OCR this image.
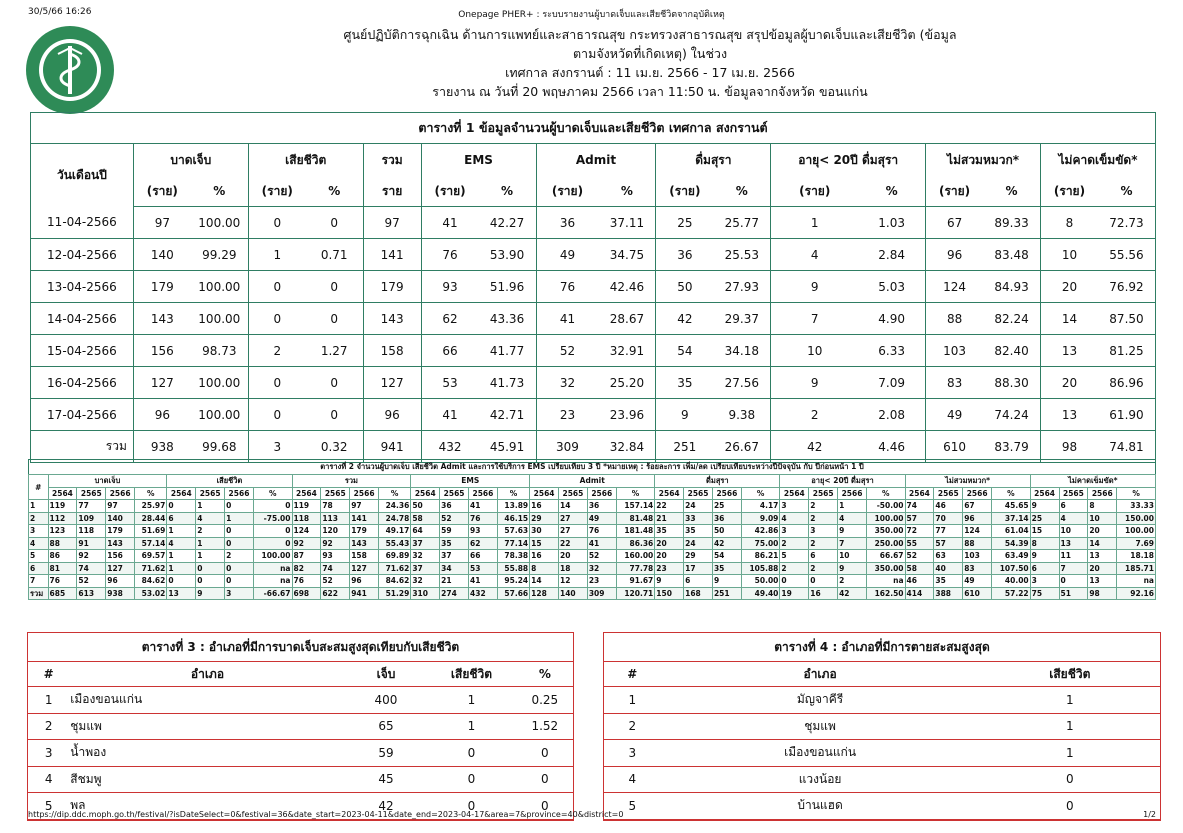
30/5/66 16:26	Onepage PHER+ : ระบบรายงานผู้บาดเจ็บและเสียชีวิตจากอุบัติเหตุ
ศูนย์ปฏิบัติการฉุกเฉิน ด้านการแพทย์และสาธารณสุข กระทรวงสาธารณสุข สรุปข้อมูลผู้บาดเจ็บและเสียชีวิต (ข้อมูล
ตามจังหวัดที่เกิดเหตุ) ในช่วง
เทศกาล สงกรานต์ : 11 เม.ย. 2566 - 17 เม.ย. 2566
รายงาน ณ วันที่ 20 พฤษภาคม 2566 เวลา 11:50 น. ข้อมูลจากจังหวัด ขอนแก่น
ตารางที่ 1 ข้อมูลจำนวนผู้บาดเจ็บและเสียชีวิต เทศกาล สงกรานต์
วันเดือนปี	บาดเจ็บ		เสียชีวิต		รวม	EMS		Admit		ดื่มสุรา		อายุ< 20ปี ดื่มสุรา		ไม่สวมหมวก*		ไม่คาดเข็มขัด*	
	(ราย)	%	(ราย)	%	ราย	(ราย)	%	(ราย)	%	(ราย)	%	(ราย)	%	(ราย)	%	(ราย)	%
11-04-2566	97	100.00	0	0	97	41	42.27	36	37.11	25	25.77	1	1.03	67	89.33	8	72.73
12-04-2566	140	99.29	1	0.71	141	76	53.90	49	34.75	36	25.53	4	2.84	96	83.48	10	55.56
13-04-2566	179	100.00	0	0	179	93	51.96	76	42.46	50	27.93	9	5.03	124	84.93	20	76.92
14-04-2566	143	100.00	0	0	143	62	43.36	41	28.67	42	29.37	7	4.90	88	82.24	14	87.50
15-04-2566	156	98.73	2	1.27	158	66	41.77	52	32.91	54	34.18	10	6.33	103	82.40	13	81.25
16-04-2566	127	100.00	0	0	127	53	41.73	32	25.20	35	27.56	9	7.09	83	88.30	20	86.96
17-04-2566	96	100.00	0	0	96	41	42.71	23	23.96	9	9.38	2	2.08	49	74.24	13	61.90
รวม	938	99.68	3	0.32	941	432	45.91	309	32.84	251	26.67	42	4.46	610	83.79	98	74.81
ตารางที่ 2 จำนวนผู้บาดเจ็บ เสียชีวิต Admit และการใช้บริการ EMS เปรียบเทียบ 3 ปี *หมายเหตุ : ร้อยละการ เพิ่ม/ลด เปรียบเทียบระหว่างปีปัจจุบัน กับ ปีก่อนหน้า 1 ปี
#	บาดเจ็บ				เสียชีวิต				รวม				EMS				Admit				ดื่มสุรา				อายุ< 20ปี ดื่มสุรา				ไม่สวมหมวก*				ไม่คาดเข็มขัด*			
	2564	2565	2566	%	2564	2565	2566	%	2564	2565	2566	%	2564	2565	2566	%	2564	2565	2566	%	2564	2565	2566	%	2564	2565	2566	%	2564	2565	2566	%	2564	2565	2566	%
1	119	77	97	25.97	0	1	0	0	119	78	97	24.36	50	36	41	13.89	16	14	36	157.14	22	24	25	4.17	3	2	1	-50.00	74	46	67	45.65	9	6	8	33.33
2	112	109	140	28.44	6	4	1	-75.00	118	113	141	24.78	58	52	76	46.15	29	27	49	81.48	21	33	36	9.09	4	2	4	100.00	57	70	96	37.14	25	4	10	150.00
3	123	118	179	51.69	1	2	0	0	124	120	179	49.17	64	59	93	57.63	30	27	76	181.48	35	35	50	42.86	3	3	9	350.00	72	77	124	61.04	15	10	20	100.00
4	88	91	143	57.14	4	1	0	0	92	92	143	55.43	37	35	62	77.14	15	22	41	86.36	20	24	42	75.00	2	2	7	250.00	55	57	88	54.39	8	13	14	7.69
5	86	92	156	69.57	1	1	2	100.00	87	93	158	69.89	32	37	66	78.38	16	20	52	160.00	20	29	54	86.21	5	6	10	66.67	52	63	103	63.49	9	11	13	18.18
6	81	74	127	71.62	1	0	0	na	82	74	127	71.62	37	34	53	55.88	8	18	32	77.78	23	17	35	105.88	2	2	9	350.00	58	40	83	107.50	6	7	20	185.71
7	76	52	96	84.62	0	0	0	na	76	52	96	84.62	32	21	41	95.24	14	12	23	91.67	9	6	9	50.00	0	0	2	na	46	35	49	40.00	3	0	13	na
รวม	685	613	938	53.02	13	9	3	-66.67	698	622	941	51.29	310	274	432	57.66	128	140	309	120.71	150	168	251	49.40	19	16	42	162.50	414	388	610	57.22	75	51	98	92.16
ตารางที่ 3 : อำเภอที่มีการบาดเจ็บสะสมสูงสุดเทียบกับเสียชีวิต
#	อำเภอ	เจ็บ	เสียชีวิต	%
1	เมืองขอนแก่น	400	1	0.25
2	ชุมแพ	65	1	1.52
3	น้ำพอง	59	0	0
4	สีชมพู	45	0	0
5	พล	42	0	0
ตารางที่ 4 : อำเภอที่มีการตายสะสมสูงสุด
#	อำเภอ	เสียชีวิต
1	มัญจาคีรี	1
2	ชุมแพ	1
3	เมืองขอนแก่น	1
4	แวงน้อย	0
5	บ้านแฮด	0
https://dip.ddc.moph.go.th/festival/?isDateSelect=0&festival=36&date_start=2023-04-11&date_end=2023-04-17&area=7&province=40&district=0	1/2
